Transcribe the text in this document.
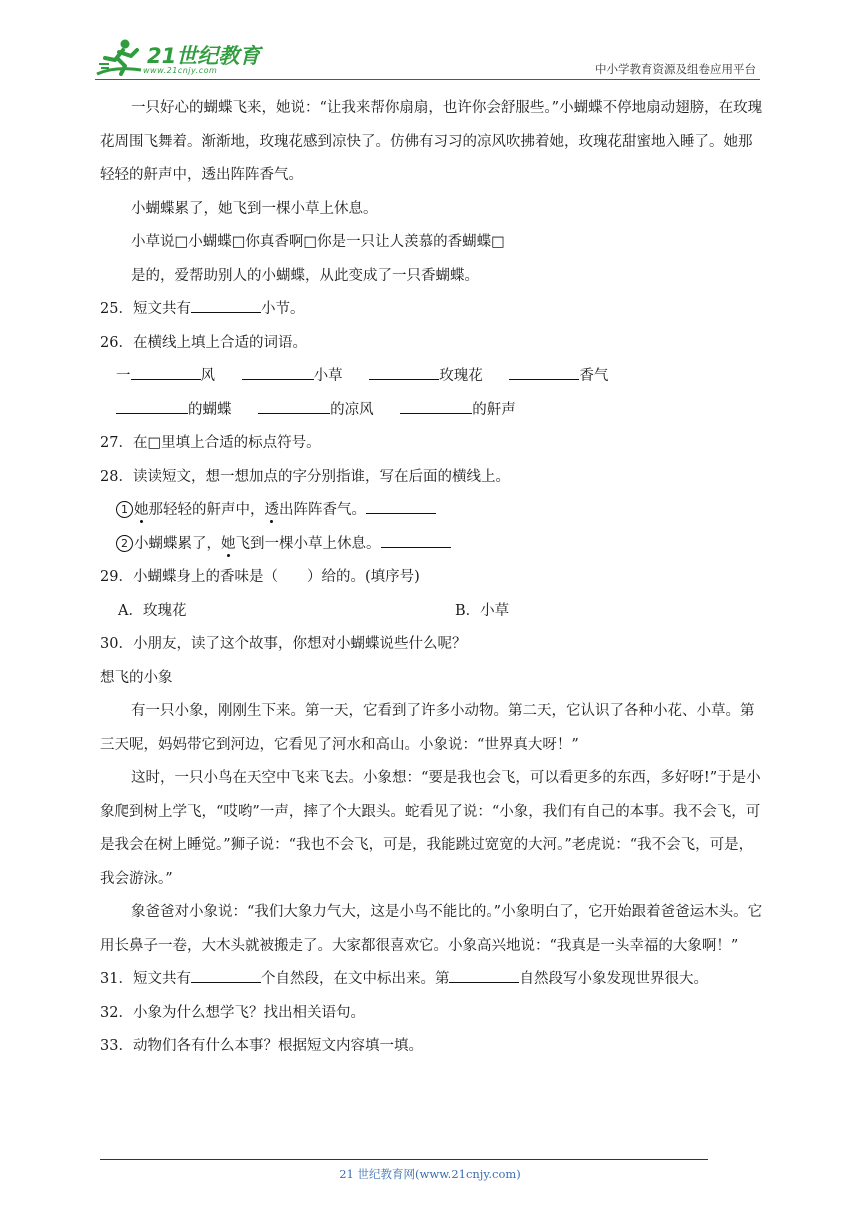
21世纪教育
www.21cnjy.com	中小学教育资源及组卷应用平台

一只好心的蝴蝶飞来，她说：“让我来帮你扇扇，也许你会舒服些。”小蝴蝶不停地扇动翅膀，在玫瑰花周围飞舞着。渐渐地，玫瑰花感到凉快了。仿佛有习习的凉风吹拂着她，玫瑰花甜蜜地入睡了。她那轻轻的鼾声中，透出阵阵香气。

小蝴蝶累了，她飞到一棵小草上休息。

小草说□小蝴蝶□你真香啊□你是一只让人羡慕的香蝴蝶□

是的，爱帮助别人的小蝴蝶，从此变成了一只香蝴蝶。

25．短文共有	小节。

26．在横线上填上合适的词语。

一	风	小草	玫瑰花	香气

的蝴蝶	的凉风	的鼾声

27．在□里填上合适的标点符号。

28．读读短文，想一想加点的字分别指谁，写在后面的横线上。

1 她那轻轻的鼾声中，透出阵阵香气。

2 小蝴蝶累了，她飞到一棵小草上休息。

29．小蝴蝶身上的香味是（　　）给的。(填序号)

A．玫瑰花	B．小草

30．小朋友，读了这个故事，你想对小蝴蝶说些什么呢？

想飞的小象

有一只小象，刚刚生下来。第一天，它看到了许多小动物。第二天，它认识了各种小花、小草。第三天呢，妈妈带它到河边，它看见了河水和高山。小象说：“世界真大呀！”

这时，一只小鸟在天空中飞来飞去。小象想：“要是我也会飞，可以看更多的东西，多好呀!”于是小象爬到树上学飞，“哎哟”一声，摔了个大跟头。蛇看见了说：“小象，我们有自己的本事。我不会飞，可是我会在树上睡觉。”狮子说：“我也不会飞，可是，我能跳过宽宽的大河。”老虎说：“我不会飞，可是，我会游泳。”

象爸爸对小象说：“我们大象力气大，这是小鸟不能比的。”小象明白了，它开始跟着爸爸运木头。它用长鼻子一卷，大木头就被搬走了。大家都很喜欢它。小象高兴地说：“我真是一头幸福的大象啊！”

31．短文共有	个自然段，在文中标出来。第	自然段写小象发现世界很大。

32．小象为什么想学飞？找出相关语句。

33．动物们各有什么本事？根据短文内容填一填。

21 世纪教育网(www.21cnjy.com)
